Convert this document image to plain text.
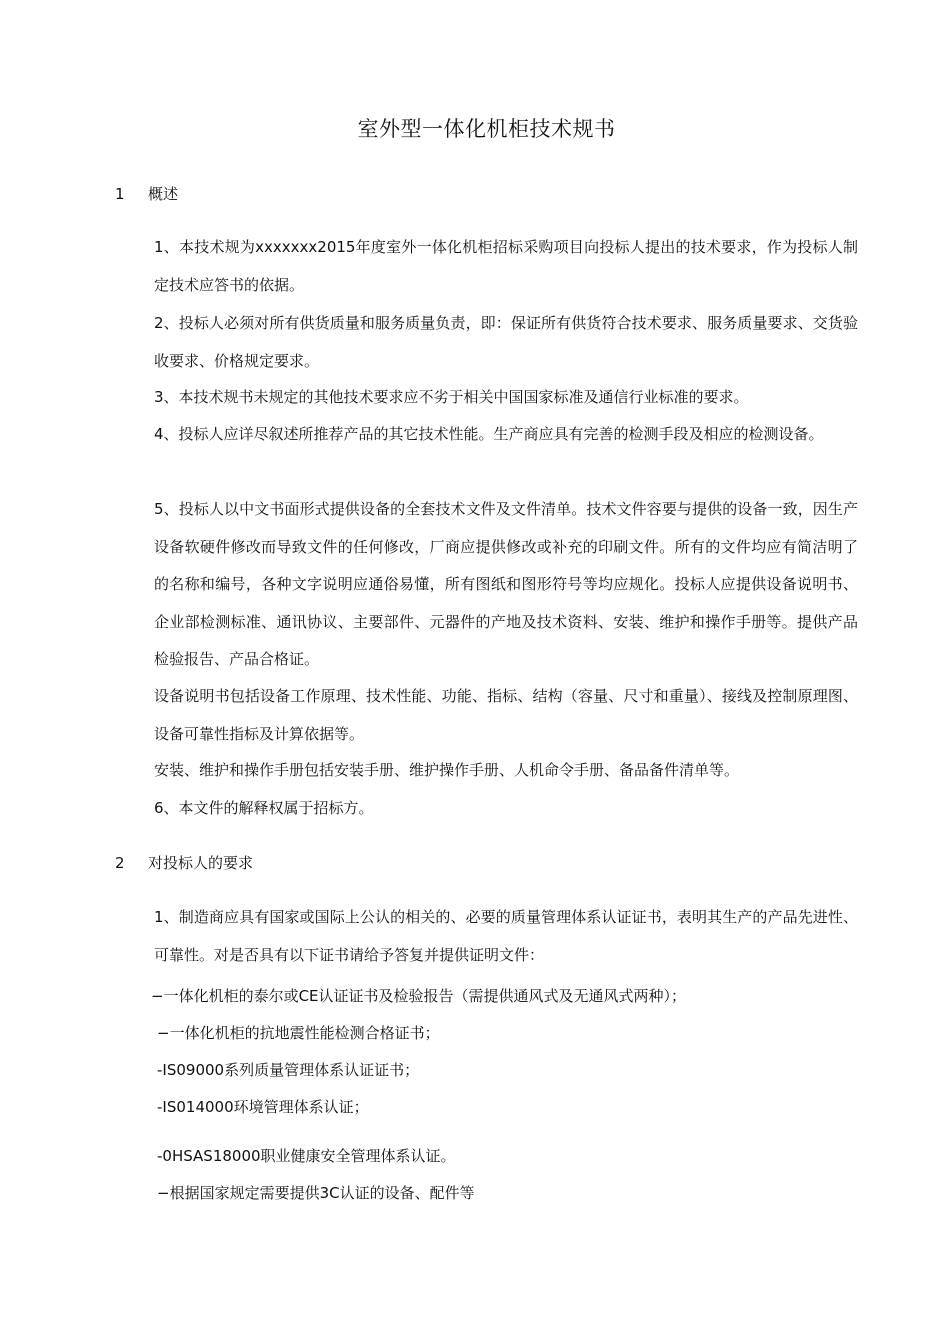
室外型一体化机柜技术规书
1 概述
1、本技术规为xxxxxxx2015年度室外一体化机柜招标采购项目向投标人提出的技术要求，作为投标人制定技术应答书的依据。
2、投标人必须对所有供货质量和服务质量负责，即：保证所有供货符合技术要求、服务质量要求、交货验收要求、价格规定要求。
3、本技术规书未规定的其他技术要求应不劣于相关中国国家标准及通信行业标准的要求。
4、投标人应详尽叙述所推荐产品的其它技术性能。生产商应具有完善的检测手段及相应的检测设备。
5、投标人以中文书面形式提供设备的全套技术文件及文件清单。技术文件容要与提供的设备一致，因生产设备软硬件修改而导致文件的任何修改，厂商应提供修改或补充的印刷文件。所有的文件均应有简洁明了的名称和编号，各种文字说明应通俗易懂，所有图纸和图形符号等均应规化。投标人应提供设备说明书、企业部检测标准、通讯协议、主要部件、元器件的产地及技术资料、安装、维护和操作手册等。提供产品检验报告、产品合格证。
设备说明书包括设备工作原理、技术性能、功能、指标、结构（容量、尺寸和重量）、接线及控制原理图、设备可靠性指标及计算依据等。
安装、维护和操作手册包括安装手册、维护操作手册、人机命令手册、备品备件清单等。
6、本文件的解释权属于招标方。
2 对投标人的要求
1、制造商应具有国家或国际上公认的相关的、必要的质量管理体系认证证书，表明其生产的产品先进性、可靠性。对是否具有以下证书请给予答复并提供证明文件：
−一体化机柜的泰尔或CE认证证书及检验报告（需提供通风式及无通风式两种）；
−一体化机柜的抗地震性能检测合格证书；
-IS09000系列质量管理体系认证证书；
-IS014000环境管理体系认证；
-0HSAS18000职业健康安全管理体系认证。
−根据国家规定需要提供3C认证的设备、配件等
